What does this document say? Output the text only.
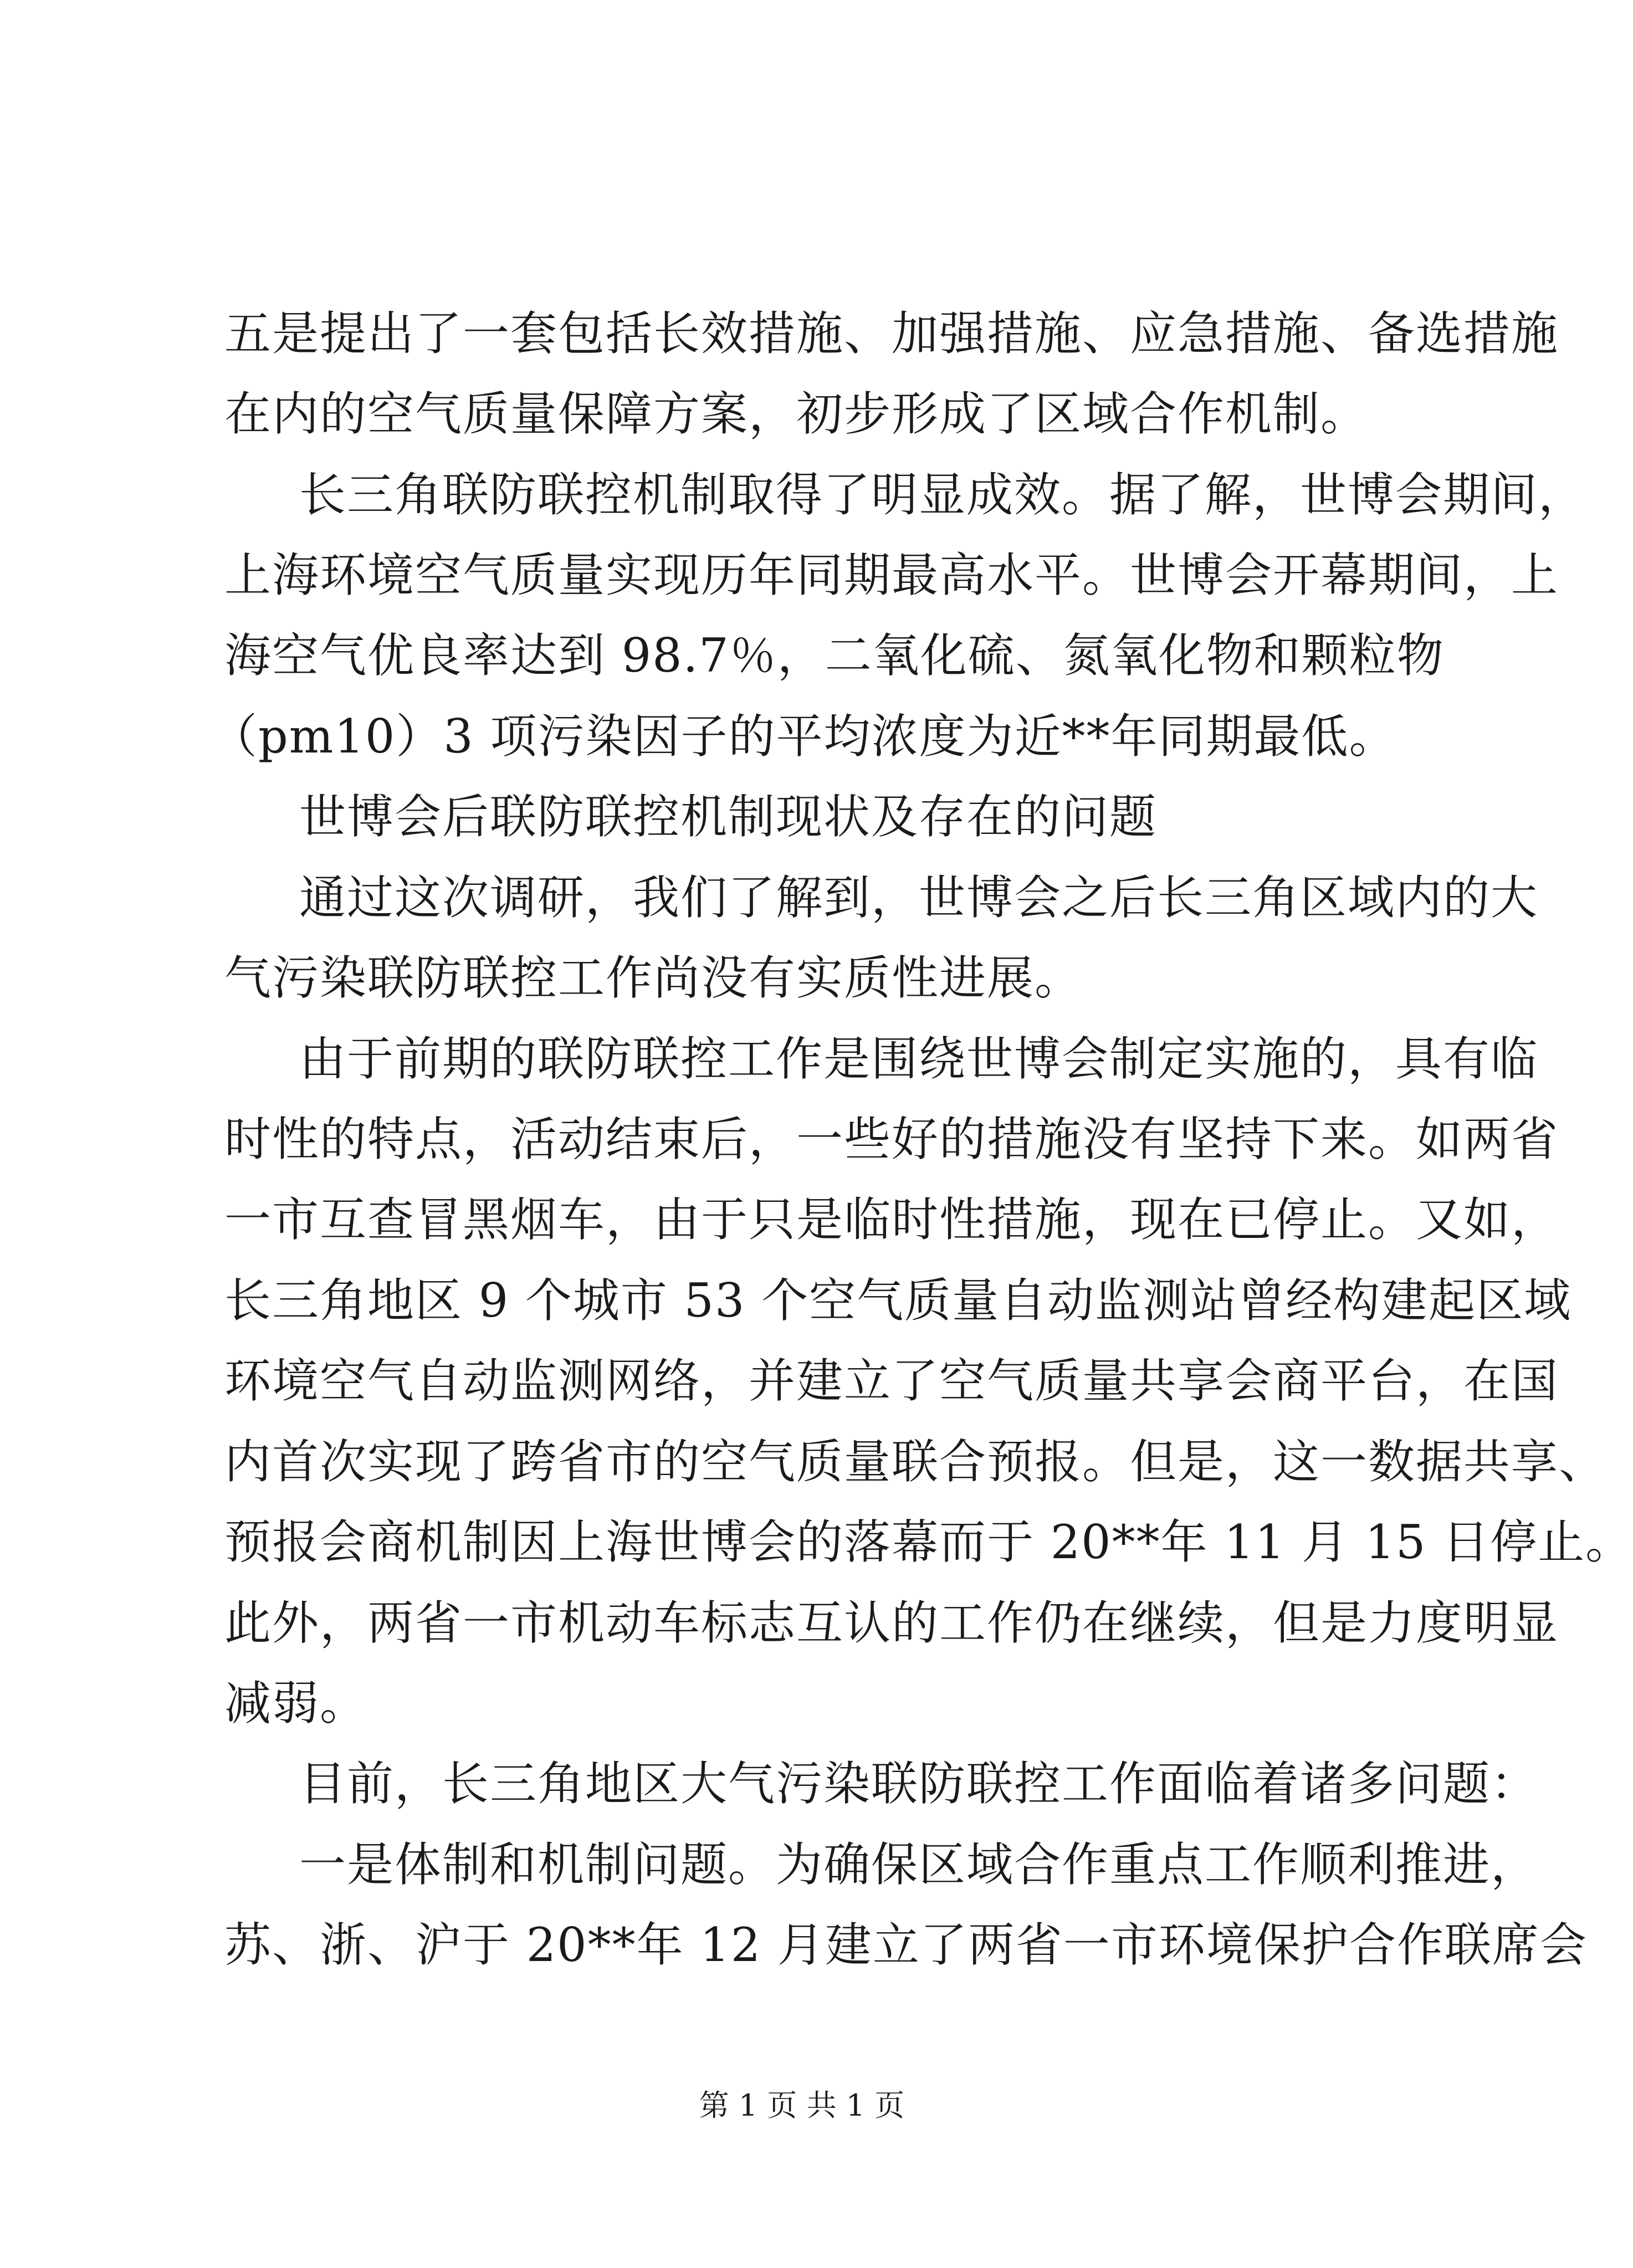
五是提出了一套包括长效措施、加强措施、应急措施、备选措施
在内的空气质量保障方案，初步形成了区域合作机制。
长三角联防联控机制取得了明显成效。据了解，世博会期间，
上海环境空气质量实现历年同期最高水平。世博会开幕期间，上
海空气优良率达到 98.7％，二氧化硫、氮氧化物和颗粒物
（pm10）3 项污染因子的平均浓度为近**年同期最低。
世博会后联防联控机制现状及存在的问题
通过这次调研，我们了解到，世博会之后长三角区域内的大
气污染联防联控工作尚没有实质性进展。
由于前期的联防联控工作是围绕世博会制定实施的，具有临
时性的特点，活动结束后，一些好的措施没有坚持下来。如两省
一市互查冒黑烟车，由于只是临时性措施，现在已停止。又如，
长三角地区 9 个城市 53 个空气质量自动监测站曾经构建起区域
环境空气自动监测网络，并建立了空气质量共享会商平台，在国
内首次实现了跨省市的空气质量联合预报。但是，这一数据共享、
预报会商机制因上海世博会的落幕而于 20**年 11 月 15 日停止。
此外，两省一市机动车标志互认的工作仍在继续，但是力度明显
减弱。
目前，长三角地区大气污染联防联控工作面临着诸多问题：
一是体制和机制问题。为确保区域合作重点工作顺利推进，
苏、浙、沪于 20**年 12 月建立了两省一市环境保护合作联席会
第 1 页 共 1 页
